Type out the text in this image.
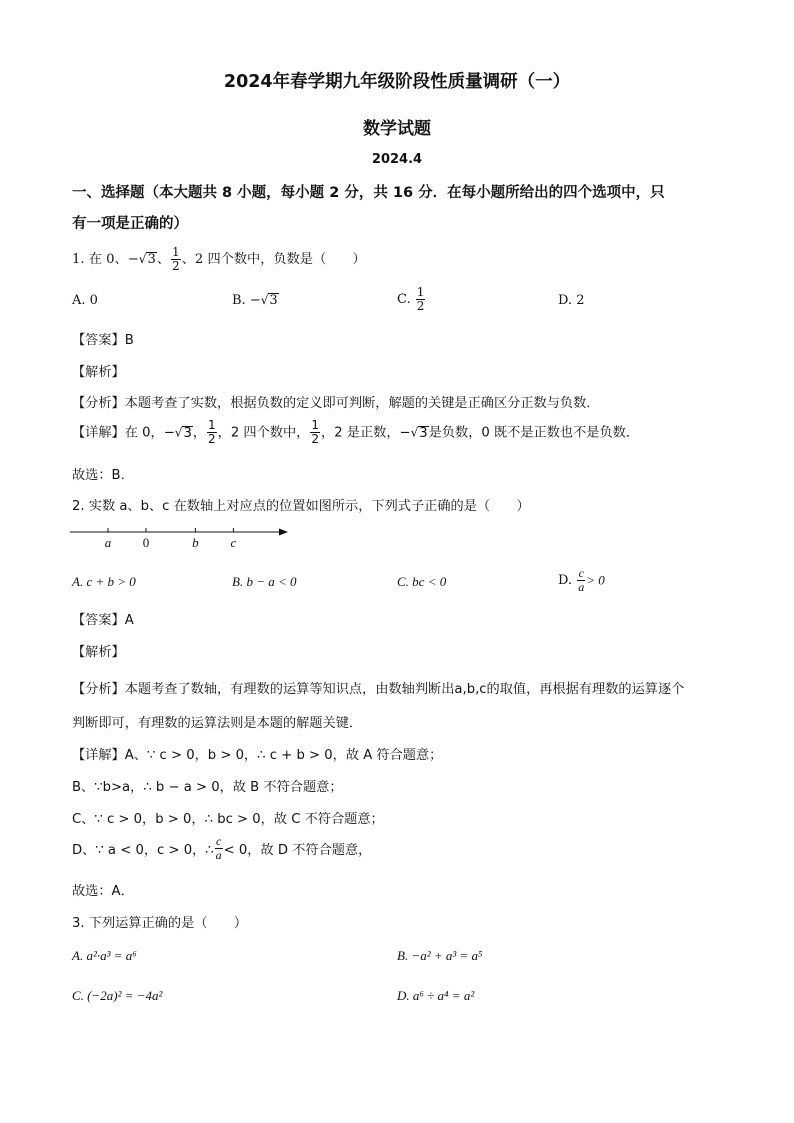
2024年春学期九年级阶段性质量调研（一）
数学试题
2024.4
一、选择题（本大题共 8 小题，每小题 2 分，共 16 分．在每小题所给出的四个选项中，只
有一项是正确的）
1. 在 0、−√3、 $\frac{1}{2}$ 、2 四个数中，负数是（　　）
A. 0	B. −√3	C. $\frac{1}{2}$	D. 2
【答案】B
【解析】
【分析】本题考查了实数，根据负数的定义即可判断，解题的关键是正确区分正数与负数．
【详解】在 0，−√3， $\frac{1}{2}$ ，2 四个数中， $\frac{1}{2}$ ，2 是正数，−√3是负数，0 既不是正数也不是负数．
故选：B．
2. 实数 a、b、c 在数轴上对应点的位置如图所示，下列式子正确的是（　　）
a 0	b c
A. c + b > 0	B. b − a < 0	C. bc < 0	D. $\frac{c}{a} > 0$
【答案】A
【解析】
【分析】本题考查了数轴，有理数的运算等知识点，由数轴判断出a,b,c的取值，再根据有理数的运算逐个
判断即可，有理数的运算法则是本题的解题关键．
【详解】A、∵ c > 0，b > 0，∴ c + b > 0，故 A 符合题意；
B、∵b>a，∴ b − a > 0，故 B 不符合题意；
C、∵ c > 0，b > 0，∴ bc > 0，故 C 不符合题意；
D、∵ a < 0，c > 0，∴ $\frac{c}{a} < 0$，故 D 不符合题意，
故选：A．
3. 下列运算正确的是（　　）
A. a²·a³ = a⁶	B. −a² + a³ = a⁵
C. (−2a)² = −4a²	D. a⁶ ÷ a⁴ = a²
